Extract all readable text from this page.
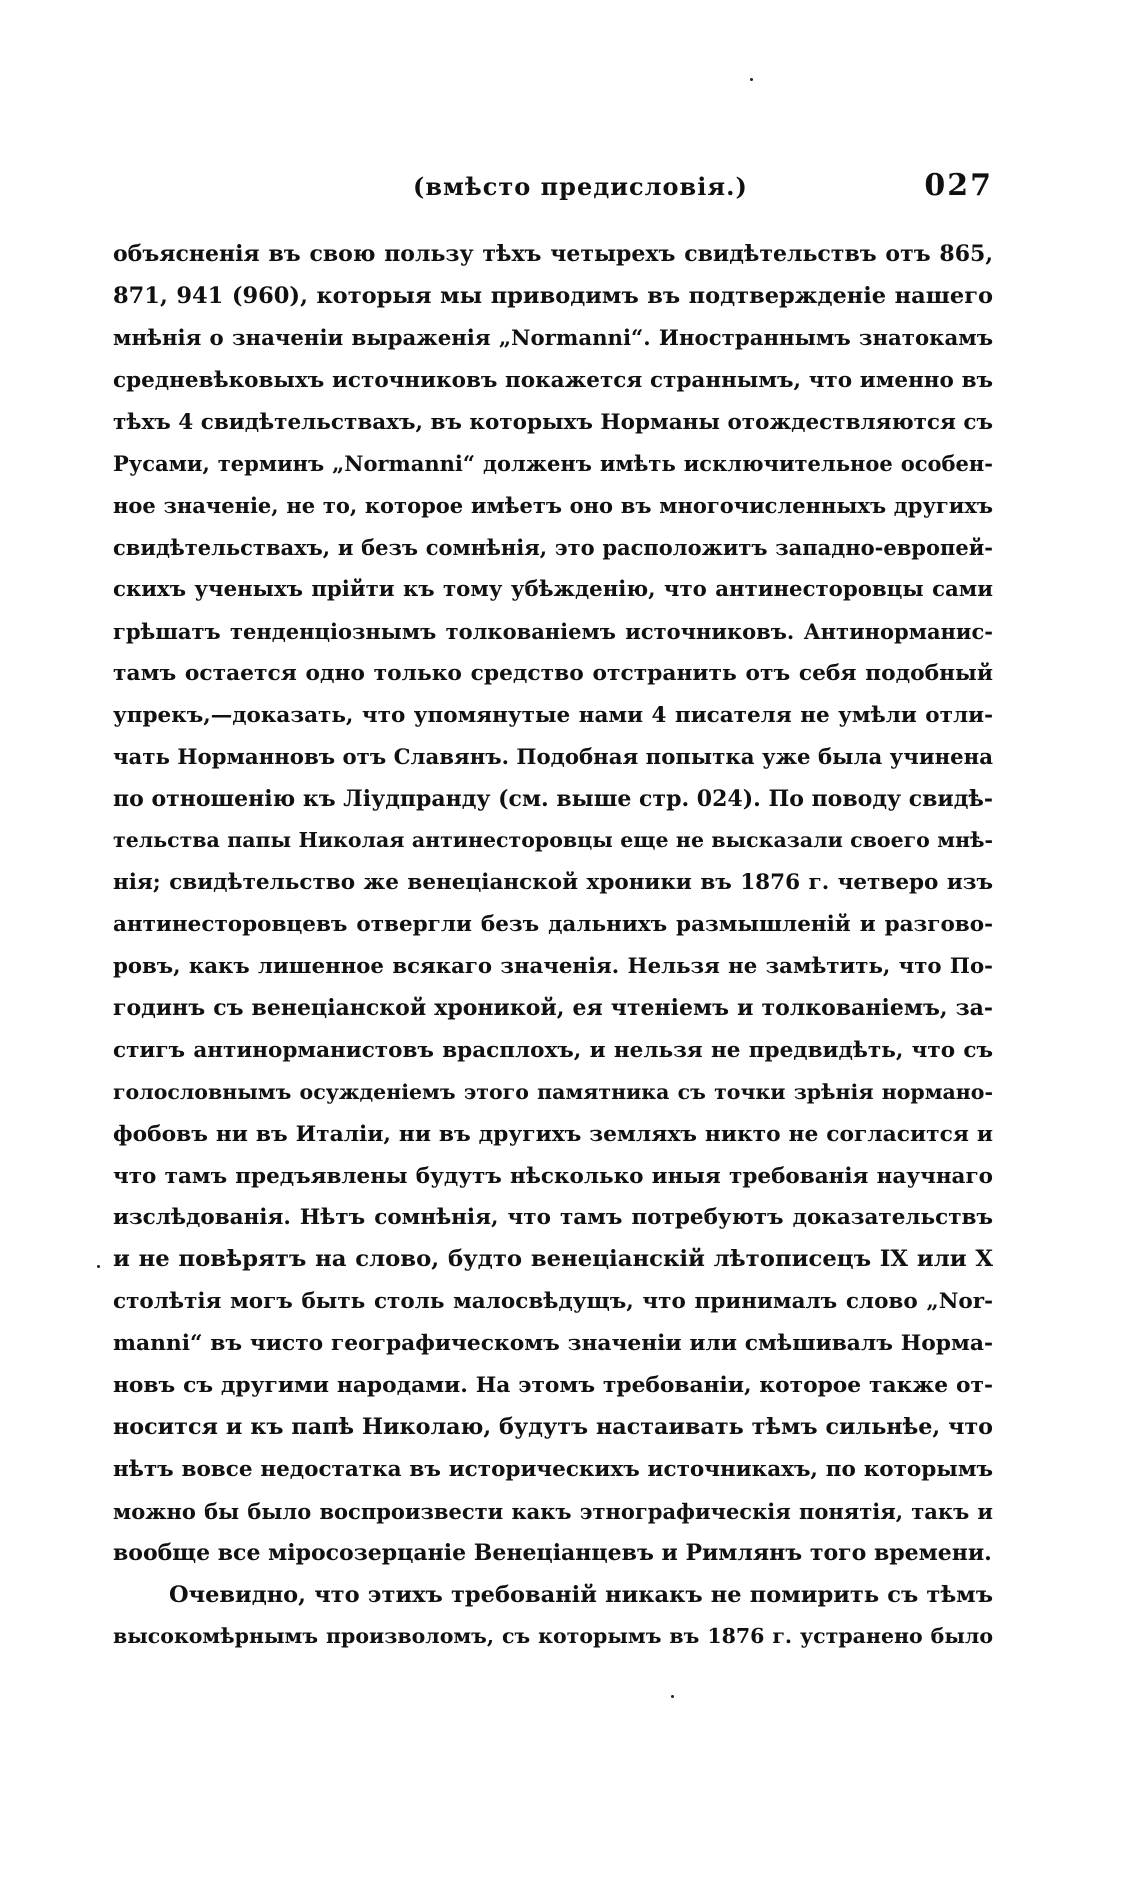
(вмѣсто предисловія.)	027
объясненія въ свою пользу тѣхъ четырехъ свидѣтельствъ отъ 865,
871, 941 (960), которыя мы приводимъ въ подтвержденіе нашего
мнѣнія о значеніи выраженія „Normanni“. Иностраннымъ знатокамъ
средневѣковыхъ источниковъ покажется страннымъ, что именно въ
тѣхъ 4 свидѣтельствахъ, въ которыхъ Норманы отождествляются съ
Русами, терминъ „Normanni“ долженъ имѣть исключительное особен-
ное значеніе, не то, которое имѣетъ оно въ многочисленныхъ другихъ
свидѣтельствахъ, и безъ сомнѣнія, это расположитъ западно-европей-
скихъ ученыхъ прійти къ тому убѣжденію, что антинесторовцы сами
грѣшатъ тенденціознымъ толкованіемъ источниковъ. Антинорманис-
тамъ остается одно только средство отстранить отъ себя подобный
упрекъ,—доказать, что упомянутые нами 4 писателя не умѣли отли-
чать Норманновъ отъ Славянъ. Подобная попытка уже была учинена
по отношенію къ Ліудпранду (см. выше стр. 024). По поводу свидѣ-
тельства папы Николая антинесторовцы еще не высказали своего мнѣ-
нія; свидѣтельство же венеціанской хроники въ 1876 г. четверо изъ
антинесторовцевъ отвергли безъ дальнихъ размышленій и разгово-
ровъ, какъ лишенное всякаго значенія. Нельзя не замѣтить, что По-
годинъ съ венеціанской хроникой, ея чтеніемъ и толкованіемъ, за-
стигъ антинорманистовъ врасплохъ, и нельзя не предвидѣть, что съ
голословнымъ осужденіемъ этого памятника съ точки зрѣнія нормано-
фобовъ ни въ Италіи, ни въ другихъ земляхъ никто не согласится и
что тамъ предъявлены будутъ нѣсколько иныя требованія научнаго
изслѣдованія. Нѣтъ сомнѣнія, что тамъ потребуютъ доказательствъ
и не повѣрятъ на слово, будто венеціанскій лѣтописецъ IX или X
столѣтія могъ быть столь малосвѣдущъ, что принималъ слово „Nor-
manni“ въ чисто географическомъ значеніи или смѣшивалъ Норма-
новъ съ другими народами. На этомъ требованіи, которое также от-
носится и къ папѣ Николаю, будутъ настаивать тѣмъ сильнѣе, что
нѣтъ вовсе недостатка въ историческихъ источникахъ, по которымъ
можно бы было воспроизвести какъ этнографическія понятія, такъ и
вообще все міросозерцаніе Венеціанцевъ и Римлянъ того времени.
Очевидно, что этихъ требованій никакъ не помирить съ тѣмъ
высокомѣрнымъ произволомъ, съ которымъ въ 1876 г. устранено было
